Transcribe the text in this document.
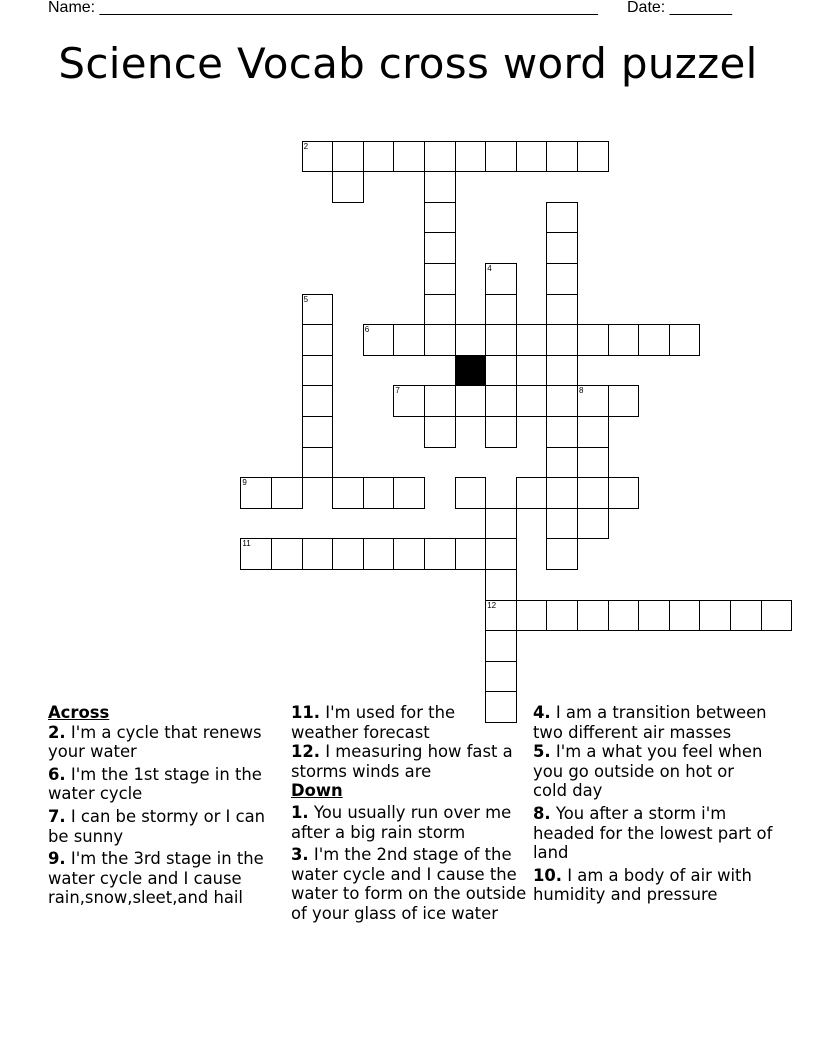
Name: ________________________________________________________ Date: _______
Science Vocab cross word puzzel
2
4
5
6
7	8
9
12
11
Across
2. I'm a cycle that renews your water
6. I'm the 1st stage in the water cycle
7. I can be stormy or I can be sunny
9. I'm the 3rd stage in the water cycle and I cause rain,snow,sleet,and hail
11. I'm used for the weather forecast
12. I measuring how fast a storms winds are
Down
1. You usually run over me after a big rain storm
3. I'm the 2nd stage of the water cycle and I cause the water to form on the outside of your glass of ice water
4. I am a transition between two different air masses
5. I'm a what you feel when you go outside on hot or cold day
8. You after a storm i'm headed for the lowest part of land
10. I am a body of air with humidity and pressure
